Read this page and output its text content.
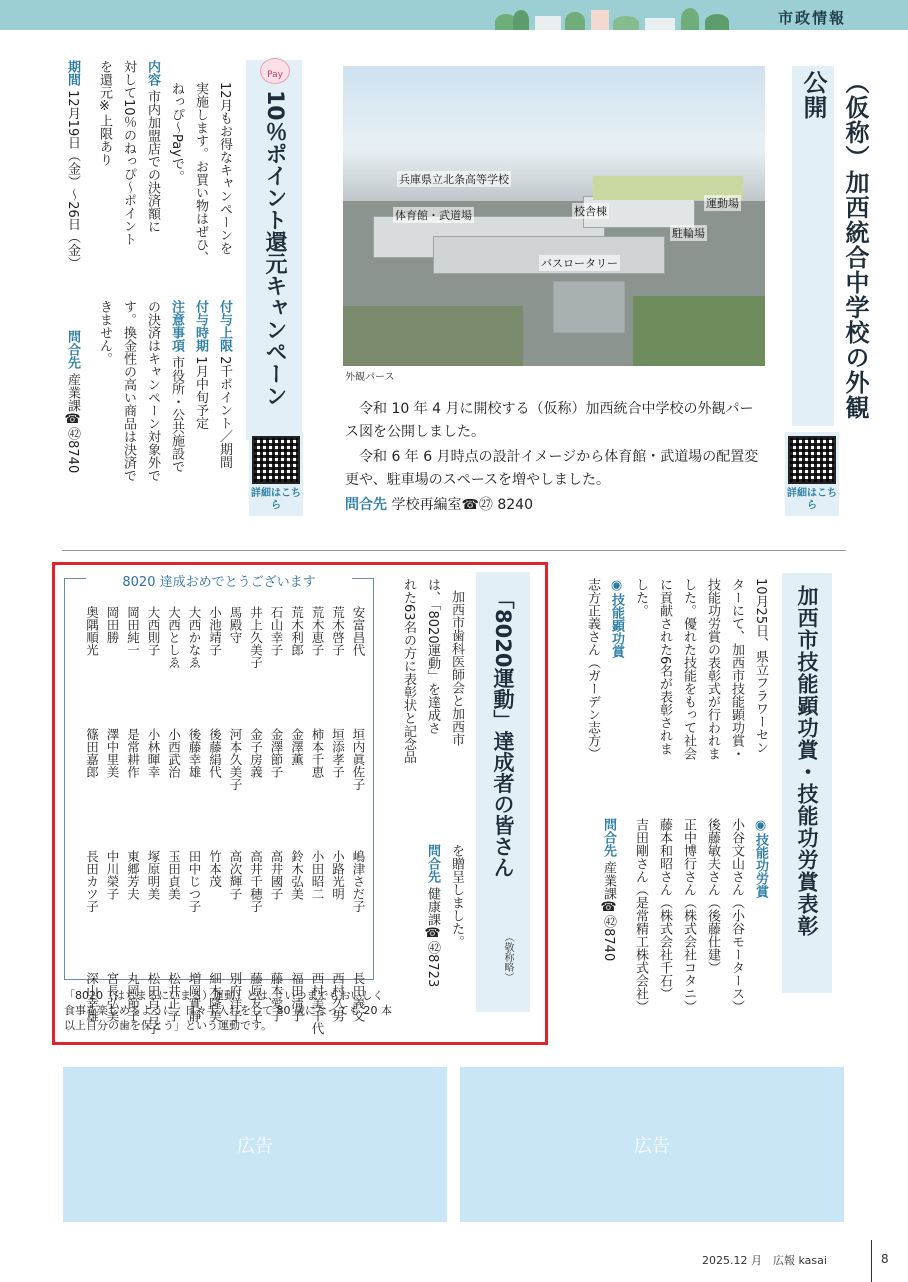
市政情報
（仮称）加西統合中学校の外観公開
兵庫県立北条高等学校
体育館・武道場	校舎棟
運動場
駐輪場
バスロータリー
外観パース
令和 10 年 4 月に開校する（仮称）加西統合中学校の外観パース図を公開しました。
令和 6 年 6 月時点の設計イメージから体育館・武道場の配置変更や、駐車場のスペースを増やしました。
問合先 学校再編室☎㉗ 8240
詳細はこちら
10％ポイント還元キャンペーン
Pay
12月もお得なキャンペーンを
実施します。お買い物はぜひ、
ねっぴ～Payで。
内容 市内加盟店での決済額に
対して10％のねっぴ～ポイント
を還元※上限あり
期間 12月19日（金）～26日（金）
付与上限 2千ポイント／期間
付与時期 1月中旬予定
注意事項 市役所・公共施設で
の決済はキャンペーン対象外で
す。換金性の高い商品は決済で
きません。
問合先 産業課☎㊷8740
詳細はこちら
加西市技能顕功賞・技能功労賞表彰
10月25日、県立フラワーセン
ターにて、加西市技能顕功賞・
技能功労賞の表彰式が行われま
した。優れた技能をもって社会
に貢献された6名が表彰されま
した。
◉技能顕功賞
志方正義さん（ガーデン志方）
◉技能功労賞
小谷文山さん（小谷モータース）
後藤敏夫さん（後藤仕建）
正中博行さん（株式会社コタニ）
藤本和昭さん（株式会社千石）
吉田剛さん（是常精工株式会社）
問合先 産業課☎㊷8740
「8020運動」達成者の皆さん
（敬称略）
加西市歯科医師会と加西市
は、「8020運動」を達成さ
れた63名の方に表彰状と記念品
を贈呈しました。
問合先 健康課☎㊷8723
8020 達成おめでとうございます
安富昌代
荒木啓子
荒木恵子
荒木利郎
石山幸子
井上久美子
馬殿守
小池靖子
大西かなゑ
大西としゑ
大西則子
岡田純一
岡田勝
奥隅順光
垣内眞佐子
垣添孝子
柿本千恵
金澤薫
金澤節子
金子房義
河本久美子
後藤絹代
後藤幸雄
小西武治
小林暉幸
是常耕作
澤中里美
篠田嘉郎
嶋津さだ子
小路光明
小田昭二
鈴木弘美
高井國子
高井千穂子
高次輝子
竹本茂
田中じつ子
玉田貞美
塚原明美
東郷芳夫
中川榮子
長田カツ子
長田義文
西村久男
西村美千代
福田清子
藤本愛子
藤原友子
別府洋子
細木隆美
増岡實靜
松井正子
松田百合子
丸岡節子
宮長弘美
深山幸雄
「8020（はちまるにいまる）運動」とは、「いつまでもおいしく食事を楽しめるように、日々手入れをして 80 歳になっても 20 本以上自分の歯を保とう」という運動です。
広告	広告
2025.12 月　広報 kasai	8
